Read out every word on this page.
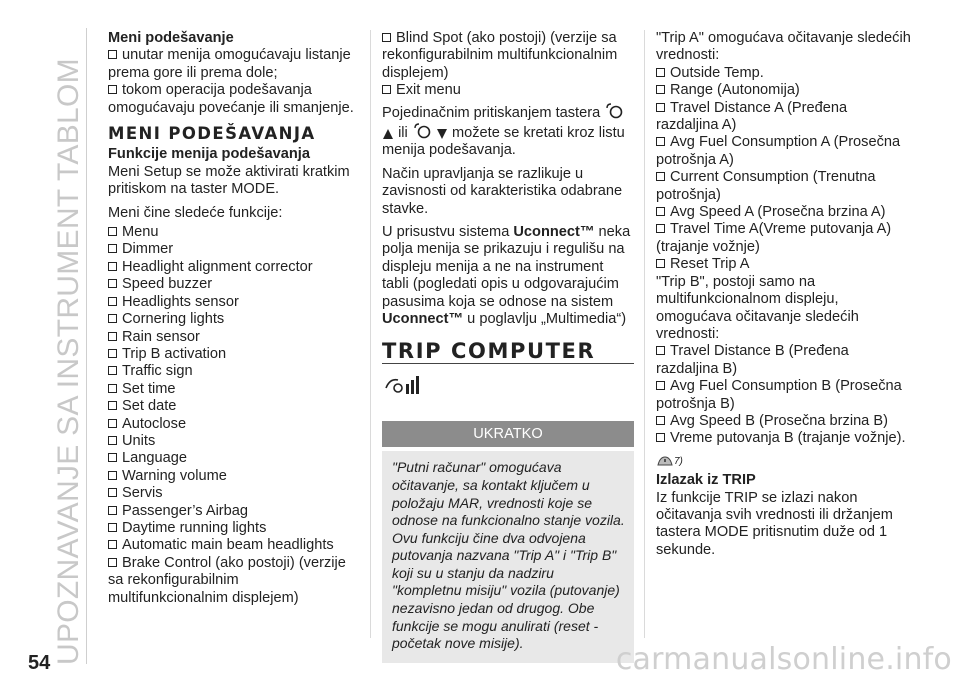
UPOZNAVANJE SA INSTRUMENT TABLOM

Meni podešavanje

unutar menija omogućavaju listanje prema gore ili prema dole;

tokom operacija podešavanja omogućavaju povećanje ili smanjenje.

MENI PODEŠAVANJA

Funkcije menija podešavanja

Meni Setup se može aktivirati kratkim pritiskom na taster MODE.

Meni čine sledeće funkcije:

Menu

Dimmer

Headlight alignment corrector

Speed buzzer

Headlights sensor

Cornering lights

Rain sensor

Trip B activation

Traffic sign

Set time

Set date

Autoclose

Units

Language

Warning volume

Servis

Passenger’s Airbag

Daytime running lights

Automatic main beam headlights

Brake Control (ako postoji) (verzije sa rekonfigurabilnim multifunkcionalnim displejem)

Blind Spot (ako postoji) (verzije sa rekonfigurabilnim multifunkcionalnim displejem)

Exit menu

Pojedinačnim pritiskanjem tastera
ili	možete se kretati kroz listu menija podešavanja.

Način upravljanja se razlikuje u zavisnosti od karakteristika odabrane stavke.

U prisustvu sistema Uconnect™ neka polja menija se prikazuju i regulišu na displeju menija a ne na instrument tabli (pogledati opis u odgovarajućim pasusima koja se odnose na sistem Uconnect™ u poglavlju „Multimedia“)

TRIP COMPUTER
UKRATKO
"Putni računar" omogućava očitavanje, sa kontakt ključem u položaju MAR, vrednosti koje se odnose na funkcionalno stanje vozila. Ovu funkciju čine dva odvojena putovanja nazvana "Trip A" i "Trip B" koji su u stanju da nadziru "kompletnu misiju" vozila (putovanje) nezavisno jedan od drugog. Obe funkcije se mogu anulirati (reset - početak nove misije).

"Trip A" omogućava očitavanje sledećih vrednosti:

Outside Temp.

Range (Autonomija)

Travel Distance A (Pređena razdaljina A)

Avg Fuel Consumption A (Prosečna potrošnja A)

Current Consumption (Trenutna potrošnja)

Avg Speed A (Prosečna brzina A)

Travel Time A(Vreme putovanja A) (trajanje vožnje)

Reset Trip A

"Trip B", postoji samo na multifunkcionalnom displeju, omogućava očitavanje sledećih vrednosti:

Travel Distance B (Pređena razdaljina B)

Avg Fuel Consumption B (Prosečna potrošnja B)

Avg Speed B (Prosečna brzina B)

Vreme putovanja B (trajanje vožnje).

7)

Izlazak iz TRIP

Iz funkcije TRIP se izlazi nakon očitavanja svih vrednosti ili držanjem tastera MODE pritisnutim duže od 1 sekunde.

54	carmanualsonline.info
